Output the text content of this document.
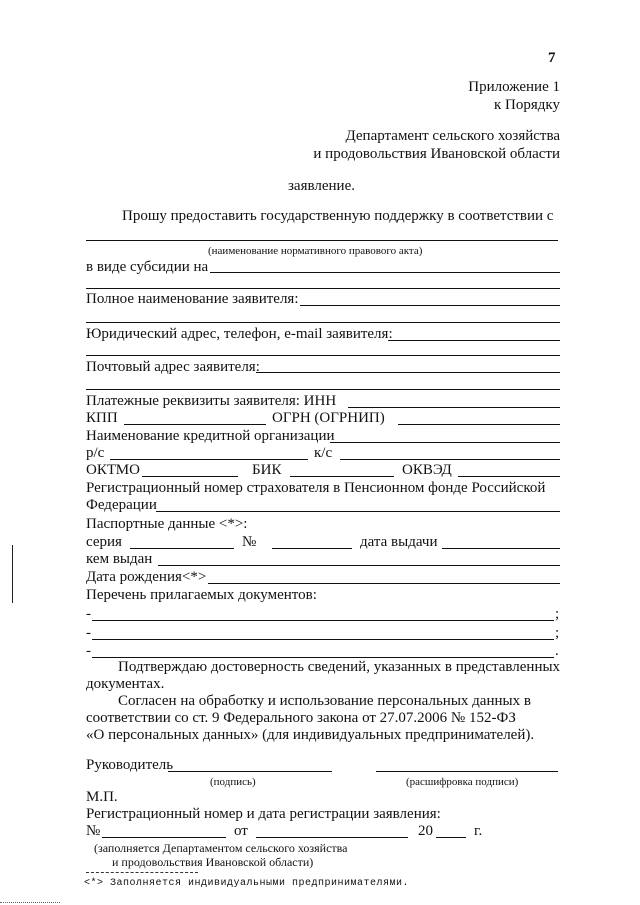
7
Приложение 1
к Порядку
Департамент сельского хозяйства
и продовольствия Ивановской области
заявление.
Прошу предоставить государственную поддержку в соответствии с
(наименование нормативного правового акта)
в виде субсидии на
Полное наименование заявителя:
Юридический адрес, телефон, e-mail заявителя:
Почтовый адрес заявителя:
Платежные реквизиты заявителя: ИНН
КПП	ОГРН (ОГРНИП)
Наименование кредитной организации
р/с	к/с
ОКТМО	БИК	ОКВЭД
Регистрационный номер страхователя в Пенсионном фонде Российской
Федерации
Паспортные данные <*>:
серия	№	дата выдачи
кем выдан
Дата рождения<*>
Перечень прилагаемых документов:
-	;
-	;
-	.
Подтверждаю достоверность сведений, указанных в представленных
документах.
Согласен на обработку и использование персональных данных в
соответствии со ст. 9 Федерального закона от 27.07.2006 № 152-ФЗ
«О персональных данных» (для индивидуальных предпринимателей).
Руководитель
(подпись)	(расшифровка подписи)
М.П.
Регистрационный номер и дата регистрации заявления:
№	от	20	г.
(заполняется Департаментом сельского хозяйства
и продовольствия Ивановской области)
<*> Заполняется индивидуальными предпринимателями.
